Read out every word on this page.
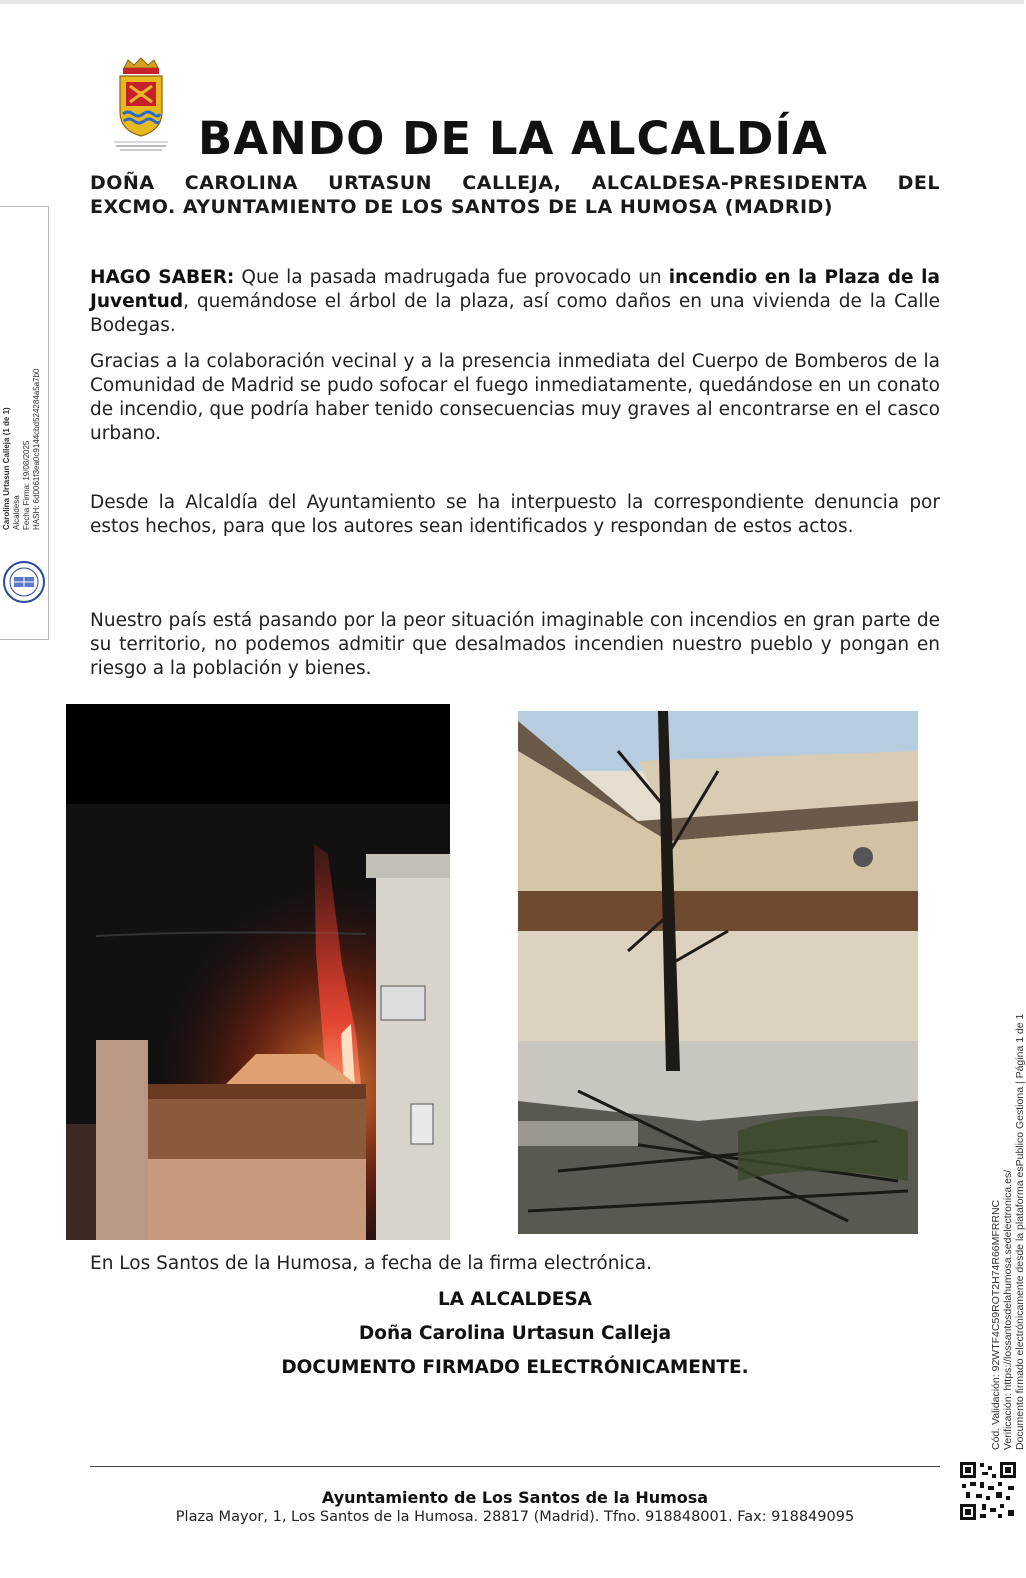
BANDO DE LA ALCALDÍA
DOÑA CAROLINA URTASUN CALLEJA, ALCALDESA-PRESIDENTA DEL
EXCMO. AYUNTAMIENTO DE LOS SANTOS DE LA HUMOSA (MADRID)
HAGO SABER: Que la pasada madrugada fue provocado un incendio en la Plaza de la Juventud, quemándose el árbol de la plaza, así como daños en una vivienda de la Calle Bodegas.
Gracias a la colaboración vecinal y a la presencia inmediata del Cuerpo de Bomberos de la Comunidad de Madrid se pudo sofocar el fuego inmediatamente, quedándose en un conato de incendio, que podría haber tenido consecuencias muy graves al encontrarse en el casco urbano.
Desde la Alcaldía del Ayuntamiento se ha interpuesto la correspondiente denuncia por estos hechos, para que los autores sean identificados y respondan de estos actos.
Nuestro país está pasando por la peor situación imaginable con incendios en gran parte de su territorio, no podemos admitir que desalmados incendien nuestro pueblo y pongan en riesgo a la población y bienes.
Carolina Urtasun Calleja (1 de 1) Alcaldesa Fecha Firma: 19/08/2025 HASH: 6d0061f3ea0c9144cbd524284a5a7b0
En Los Santos de la Humosa, a fecha de la firma electrónica.
LA ALCALDESA
Doña Carolina Urtasun Calleja
DOCUMENTO FIRMADO ELECTRÓNICAMENTE.
Ayuntamiento de Los Santos de la Humosa
Plaza Mayor, 1, Los Santos de la Humosa. 28817 (Madrid). Tfno. 918848001. Fax: 918849095
Cód. Validación: 92WTF4C59ROT2H74R66MFRRNC Verificación: https://lossantosdelahumosa.sedelectronica.es/ Documento firmado electrónicamente desde la plataforma esPublico Gestiona | Página 1 de 1
